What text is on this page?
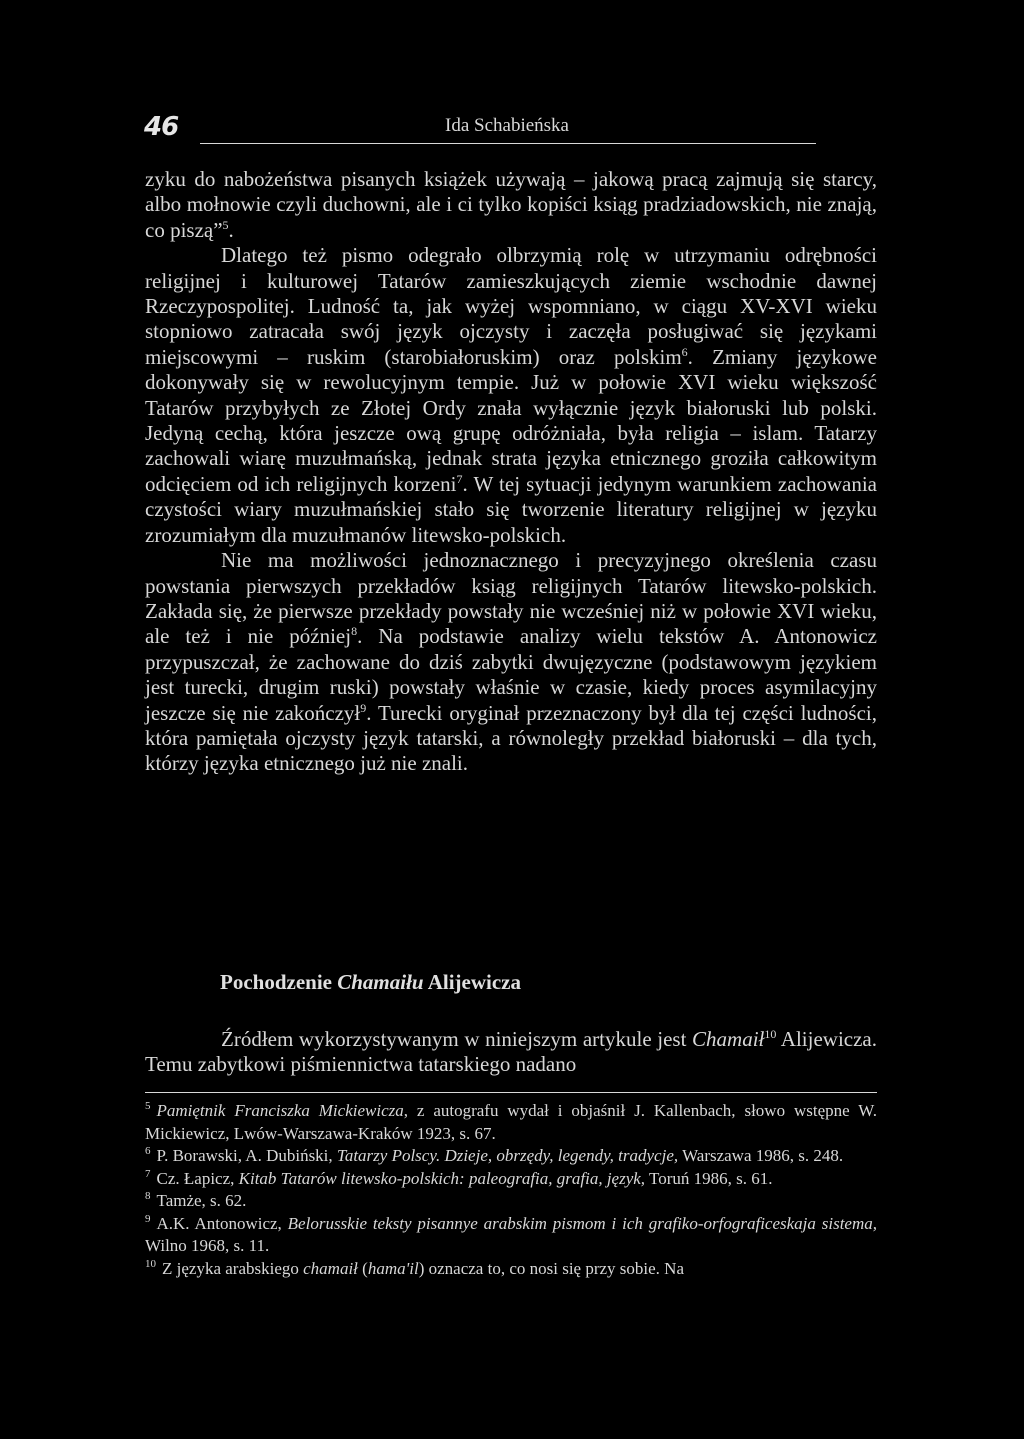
46	Ida Schabieńska

zyku do nabożeństwa pisanych książek używają – jakową pracą zajmują się starcy, albo mołnowie czyli duchowni, ale i ci tylko kopiści ksiąg pradziadowskich, nie znają, co piszą”$^5$.

Dlatego też pismo odegrało olbrzymią rolę w utrzymaniu odrębności religijnej i kulturowej Tatarów zamieszkujących ziemie wschodnie dawnej Rzeczypospolitej. Ludność ta, jak wyżej wspomniano, w ciągu XV-XVI wieku stopniowo zatracała swój język ojczysty i zaczęła posługiwać się językami miejscowymi – ruskim (starobiałoruskim) oraz polskim$^6$. Zmiany językowe dokonywały się w rewolucyjnym tempie. Już w połowie XVI wieku większość Tatarów przybyłych ze Złotej Ordy znała wyłącznie język białoruski lub polski. Jedyną cechą, która jeszcze ową grupę odróżniała, była religia – islam. Tatarzy zachowali wiarę muzułmańską, jednak strata języka etnicznego groziła całkowitym odcięciem od ich religijnych korzeni$^7$. W tej sytuacji jedynym warunkiem zachowania czystości wiary muzułmańskiej stało się tworzenie literatury religijnej w języku zrozumiałym dla muzułmanów litewsko-polskich.

Nie ma możliwości jednoznacznego i precyzyjnego określenia czasu powstania pierwszych przekładów ksiąg religijnych Tatarów litewsko-polskich. Zakłada się, że pierwsze przekłady powstały nie wcześniej niż w połowie XVI wieku, ale też i nie później$^8$. Na podstawie analizy wielu tekstów A. Antonowicz przypuszczał, że zachowane do dziś zabytki dwujęzyczne (podstawowym językiem jest turecki, drugim ruski) powstały właśnie w czasie, kiedy proces asymilacyjny jeszcze się nie zakończył$^9$. Turecki oryginał przeznaczony był dla tej części ludności, która pamiętała ojczysty język tatarski, a równoległy przekład białoruski – dla tych, którzy języka etnicznego już nie znali.

Pochodzenie Chamaiłu Alijewicza

Źródłem wykorzystywanym w niniejszym artykule jest Chamaił$^{10}$ Alijewicza. Temu zabytkowi piśmiennictwa tatarskiego nadano

$^5$ Pamiętnik Franciszka Mickiewicza, z autografu wydał i objaśnił J. Kallenbach, słowo wstępne W. Mickiewicz, Lwów-Warszawa-Kraków 1923, s. 67.

$^6$ P. Borawski, A. Dubiński, Tatarzy Polscy. Dzieje, obrzędy, legendy, tradycje, Warszawa 1986, s. 248.

$^7$ Cz. Łapicz, Kitab Tatarów litewsko-polskich: paleografia, grafia, język, Toruń 1986, s. 61.

$^8$ Tamże, s. 62.

$^9$ A.K. Antonowicz, Belorusskie teksty pisannye arabskim pismom i ich grafiko-orfograficeskaja sistema, Wilno 1968, s. 11.

$^{10}$ Z języka arabskiego chamaił (hama'il) oznacza to, co nosi się przy sobie. Na
